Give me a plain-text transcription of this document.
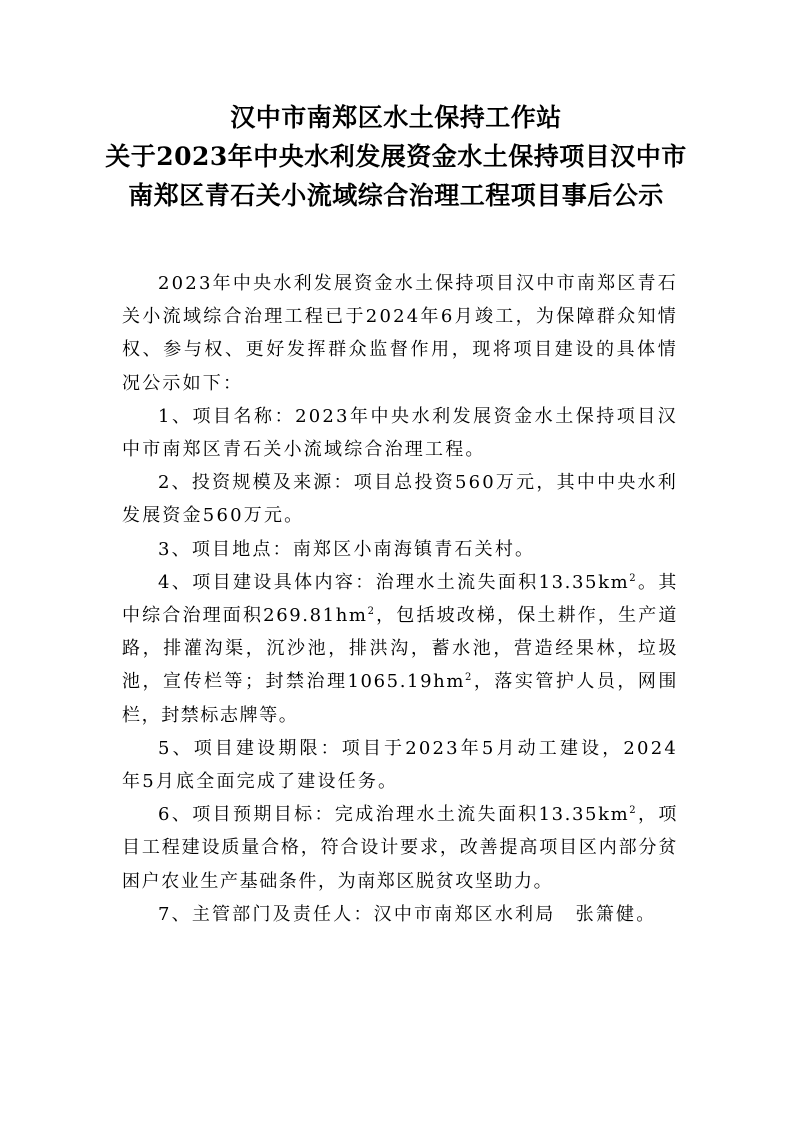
汉中市南郑区水土保持工作站
关于2023年中央水利发展资金水土保持项目汉中市
南郑区青石关小流域综合治理工程项目事后公示

2023年中央水利发展资金水土保持项目汉中市南郑区青石关小流域综合治理工程已于2024年6月竣工，为保障群众知情权、参与权、更好发挥群众监督作用，现将项目建设的具体情况公示如下：

1、项目名称：2023年中央水利发展资金水土保持项目汉中市南郑区青石关小流域综合治理工程。

2、投资规模及来源：项目总投资560万元，其中中央水利发展资金560万元。

3、项目地点：南郑区小南海镇青石关村。

4、项目建设具体内容：治理水土流失面积$13.35km^2$。其中综合治理面积$269.81hm^2$，包括坡改梯，保土耕作，生产道路，排灌沟渠，沉沙池，排洪沟，蓄水池，营造经果林，垃圾池，宣传栏等；封禁治理$1065.19hm^2$，落实管护人员，网围栏，封禁标志牌等。

5、项目建设期限：项目于2023年5月动工建设，2024年5月底全面完成了建设任务。

6、项目预期目标：完成治理水土流失面积$13.35km^2$，项目工程建设质量合格，符合设计要求，改善提高项目区内部分贫困户农业生产基础条件，为南郑区脱贫攻坚助力。

7、主管部门及责任人：汉中市南郑区水利局　张箫健。
